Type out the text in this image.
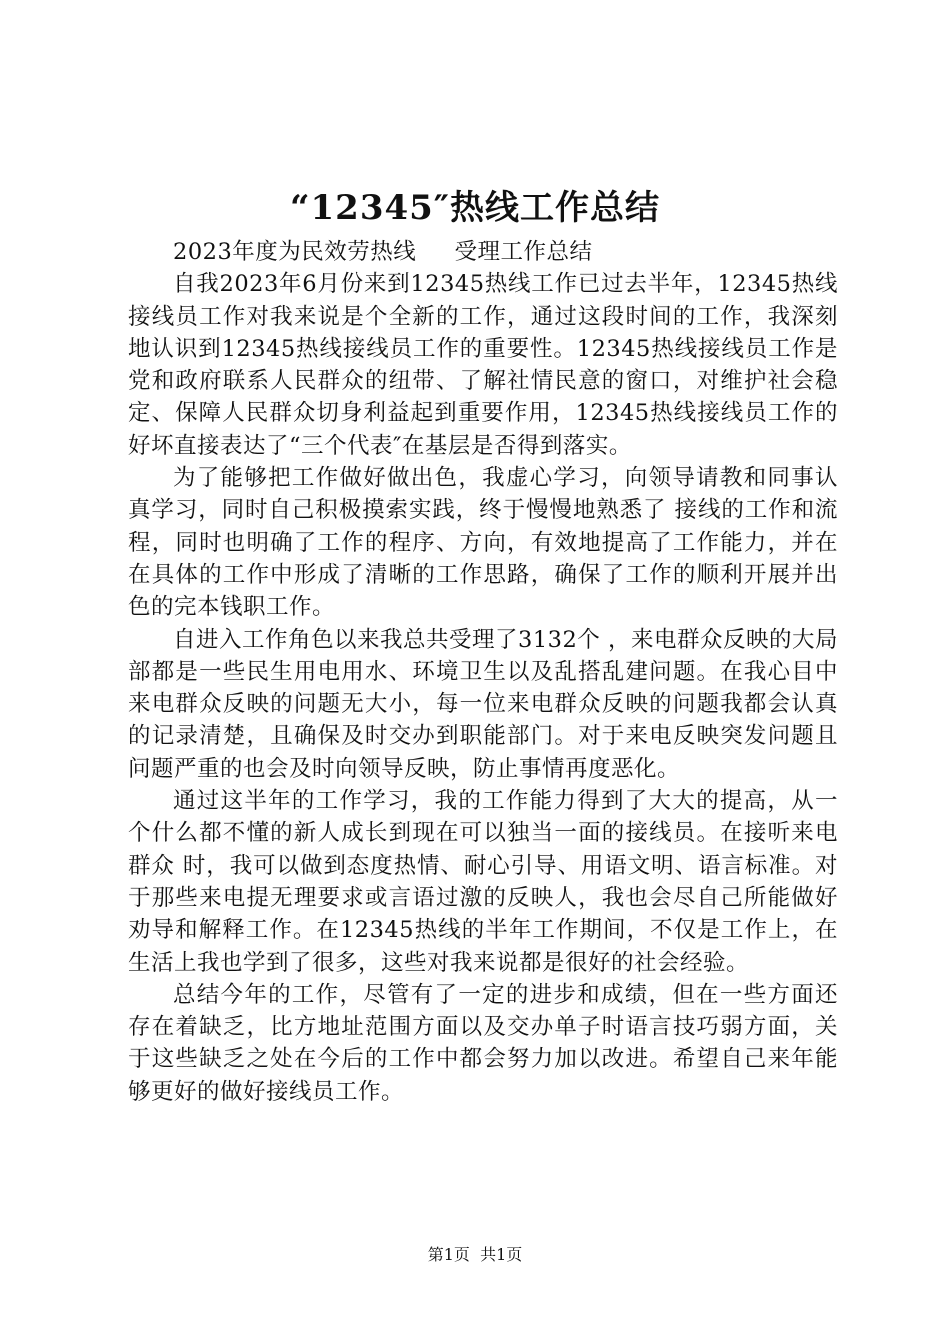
“12345″热线工作总结

2023年度为民效劳热线     受理工作总结

自我2023年6月份来到12345热线工作已过去半年，12345热线接线员工作对我来说是个全新的工作，通过这段时间的工作，我深刻地认识到12345热线接线员工作的重要性。12345热线接线员工作是党和政府联系人民群众的纽带、了解社情民意的窗口，对维护社会稳定、保障人民群众切身利益起到重要作用，12345热线接线员工作的好坏直接表达了“三个代表″在基层是否得到落实。

为了能够把工作做好做出色，我虚心学习，向领导请教和同事认真学习，同时自己积极摸索实践，终于慢慢地熟悉了 接线的工作和流程，同时也明确了工作的程序、方向，有效地提高了工作能力，并在在具体的工作中形成了清晰的工作思路，确保了工作的顺利开展并出色的完本钱职工作。

自进入工作角色以来我总共受理了3132个 ，来电群众反映的大局部都是一些民生用电用水、环境卫生以及乱搭乱建问题。在我心目中来电群众反映的问题无大小，每一位来电群众反映的问题我都会认真的记录清楚，且确保及时交办到职能部门。对于来电反映突发问题且问题严重的也会及时向领导反映，防止事情再度恶化。

通过这半年的工作学习，我的工作能力得到了大大的提高，从一个什么都不懂的新人成长到现在可以独当一面的接线员。在接听来电群众 时，我可以做到态度热情、耐心引导、用语文明、语言标准。对于那些来电提无理要求或言语过激的反映人，我也会尽自己所能做好劝导和解释工作。在12345热线的半年工作期间，不仅是工作上，在生活上我也学到了很多，这些对我来说都是很好的社会经验。

总结今年的工作，尽管有了一定的进步和成绩，但在一些方面还存在着缺乏，比方地址范围方面以及交办单子时语言技巧弱方面，关于这些缺乏之处在今后的工作中都会努力加以改进。希望自己来年能够更好的做好接线员工作。

第1页  共1页
